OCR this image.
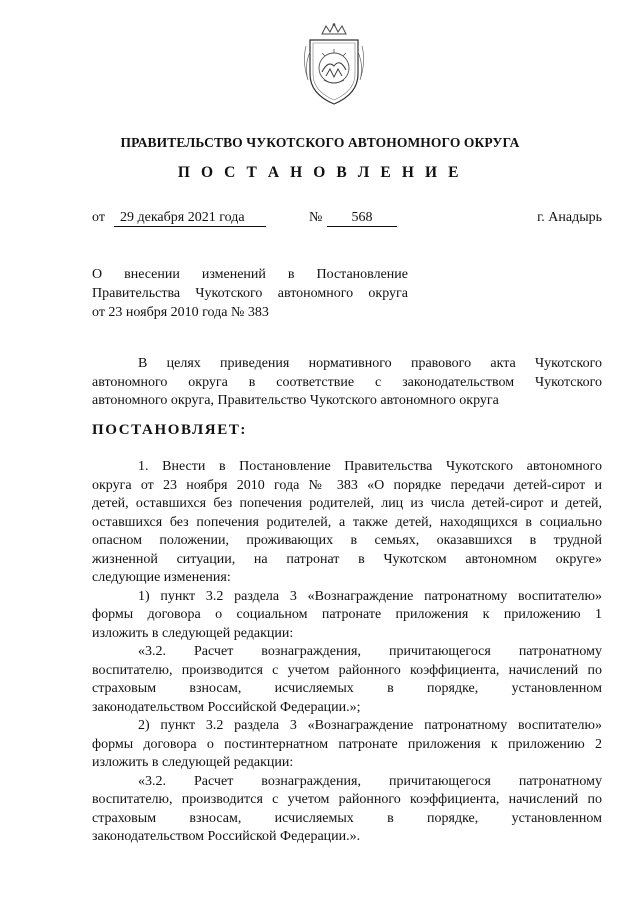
ПРАВИТЕЛЬСТВО ЧУКОТСКОГО АВТОНОМНОГО ОКРУГА
П О С Т А Н О В Л Е Н И Е
от	29 декабря 2021 года	№	568	г. Анадырь
О внесении изменений в Постановление
Правительства Чукотского автономного округа
от 23 ноября 2010 года № 383
В целях приведения нормативного правового акта Чукотского
автономного округа в соответствие с законодательством Чукотского
автономного округа, Правительство Чукотского автономного округа
ПОСТАНОВЛЯЕТ:
1. Внести в Постановление Правительства Чукотского автономного
округа от 23 ноября 2010 года № 383 «О порядке передачи детей-сирот и
детей, оставшихся без попечения родителей, лиц из числа детей-сирот и детей,
оставшихся без попечения родителей, а также детей, находящихся в социально
опасном положении, проживающих в семьях, оказавшихся в трудной
жизненной ситуации, на патронат в Чукотском автономном округе»
следующие изменения:
1) пункт 3.2 раздела 3 «Вознаграждение патронатному воспитателю»
формы договора о социальном патронате приложения к приложению 1
изложить в следующей редакции:
«3.2. Расчет вознаграждения, причитающегося патронатному
воспитателю, производится с учетом районного коэффициента, начислений по
страховым взносам, исчисляемых в порядке, установленном
законодательством Российской Федерации.»;
2) пункт 3.2 раздела 3 «Вознаграждение патронатному воспитателю»
формы договора о постинтернатном патронате приложения к приложению 2
изложить в следующей редакции:
«3.2. Расчет вознаграждения, причитающегося патронатному
воспитателю, производится с учетом районного коэффициента, начислений по
страховым взносам, исчисляемых в порядке, установленном
законодательством Российской Федерации.».
